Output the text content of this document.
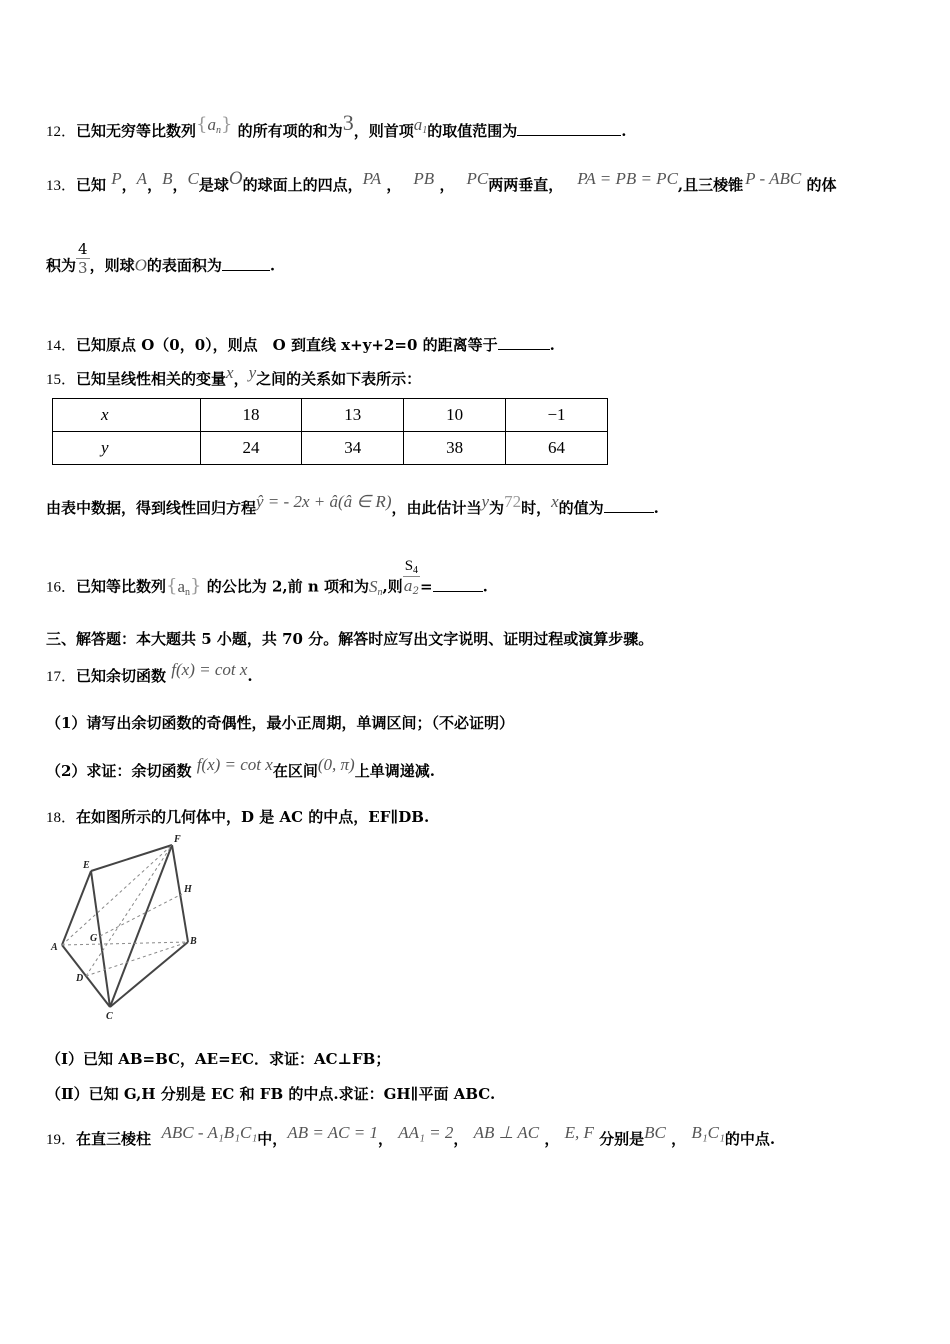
12．已知无穷等比数列$\{a_n\}$ 的所有项的和为3，则首项$a_1$的取值范围为	.
13．已知 P，A，B，C是球O的球面上的四点，PA ， PB ， PC两两垂直， PA = PB = PC,且三棱锥 P - ABC 的体
积为 $\frac{4}{3}$ ，则球O的表面积为	.
14．已知原点 O（0，0），则点　O 到直线 x+y+2=0 的距离等于	.
15．已知呈线性相关的变量x，y之间的关系如下表所示：
x	18	13	10	−1
y	24	34	38	64
由表中数据，得到线性回归方程ŷ = - 2x + â(â ∈ R)，由此估计当y为72时，x的值为	.
16．已知等比数列$\{a_n\}$ 的公比为 2,前 n 项和为$S_n$,则 $\frac{S_4}{a_2}$ =	.
三、解答题：本大题共 5 小题，共 70 分。解答时应写出文字说明、证明过程或演算步骤。
17．已知余切函数 f(x) = cot x.
（1）请写出余切函数的奇偶性，最小正周期，单调区间；（不必证明）
（2）求证：余切函数 f(x) = cot x在区间(0, π)上单调递减.
18．在如图所示的几何体中，D 是 AC 的中点，EF∥DB.
F
E
H
A
G	B
D
C
（Ⅰ）已知 AB=BC，AE=EC．求证：AC⊥FB；
（Ⅱ）已知 G,H 分别是 EC 和 FB 的中点.求证：GH∥平面 ABC.
19．在直三棱柱 ABC - A₁B₁C₁中，AB = AC = 1， AA₁ = 2， AB ⊥ AC ， E, F 分别是BC ， B₁C₁的中点.
